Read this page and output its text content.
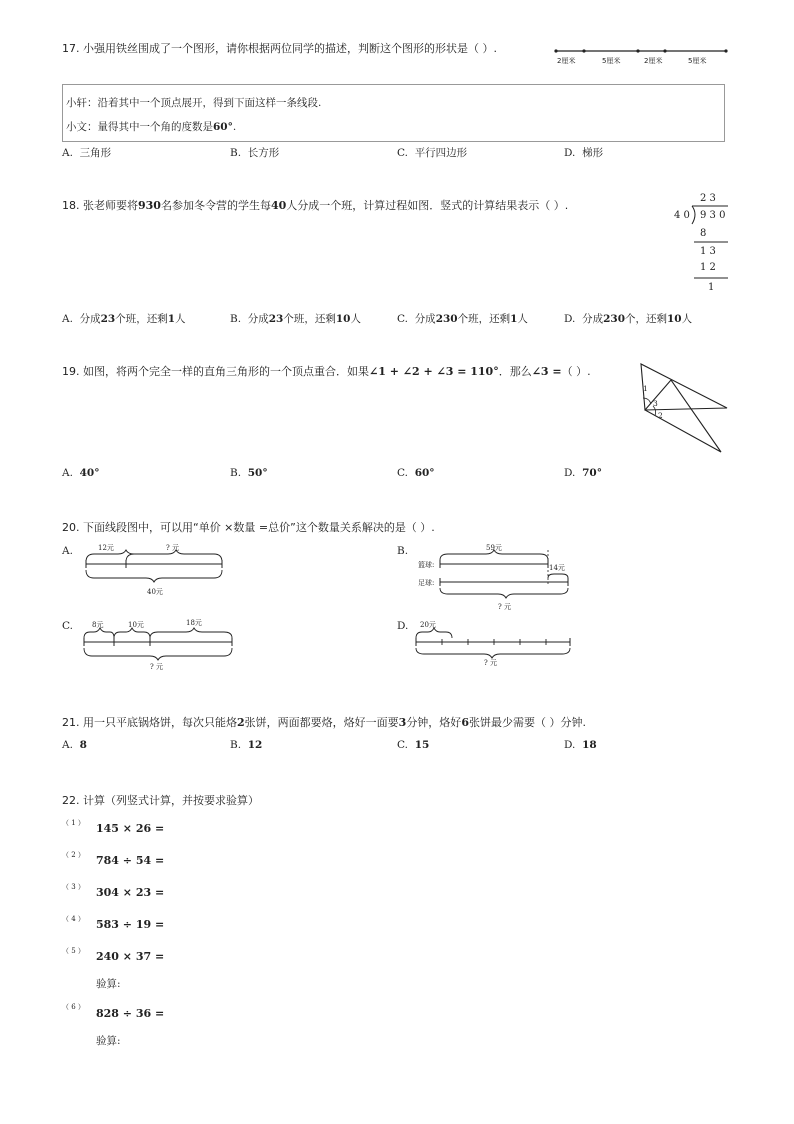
17. 小强用铁丝围成了一个图形，请你根据两位同学的描述，判断这个图形的形状是（ ）.
2厘米	5厘米	2厘米	5厘米
小轩：沿着其中一个顶点展开，得到下面这样一条线段.
小文：量得其中一个角的度数是60°.
A. 三角形	B. 长方形	C. 平行四边形	D. 梯形
18. 张老师要将930名参加冬令营的学生每40人分成一个班，计算过程如图．竖式的计算结果表示（ ）.
2 3
4 0 9 3 0
8
1 3
1 2
1
A. 分成23个班，还剩1人	B. 分成23个班，还剩10人	C. 分成230个班，还剩1人	D. 分成230个，还剩10人
19. 如图，将两个完全一样的直角三角形的一个顶点重合．如果∠1 + ∠2 + ∠3 = 110°．那么∠3 =（ ）.
1
3
2
A. 40°	B. 50°	C. 60°	D. 70°
20. 下面线段图中，可以用“单价 ×数量 =总价”这个数量关系解决的是（ ）.
A.	12元	? 元
40元
B.	59元
篮球:
足球:
14元
? 元
C.	8元	10元	18元
? 元
D. 20元
? 元
21. 用一只平底锅烙饼，每次只能烙2张饼，两面都要烙，烙好一面要3分钟，烙好6张饼最少需要（ ）分钟.
A. 8	B. 12	C. 15	D. 18
22. 计算（列竖式计算，并按要求验算）
（ 1 ） 145 × 26 =
（ 2 ） 784 ÷ 54 =
（ 3 ） 304 × 23 =
（ 4 ） 583 ÷ 19 =
（ 5 ） 240 × 37 =
验算:
（ 6 ） 828 ÷ 36 =
验算:
